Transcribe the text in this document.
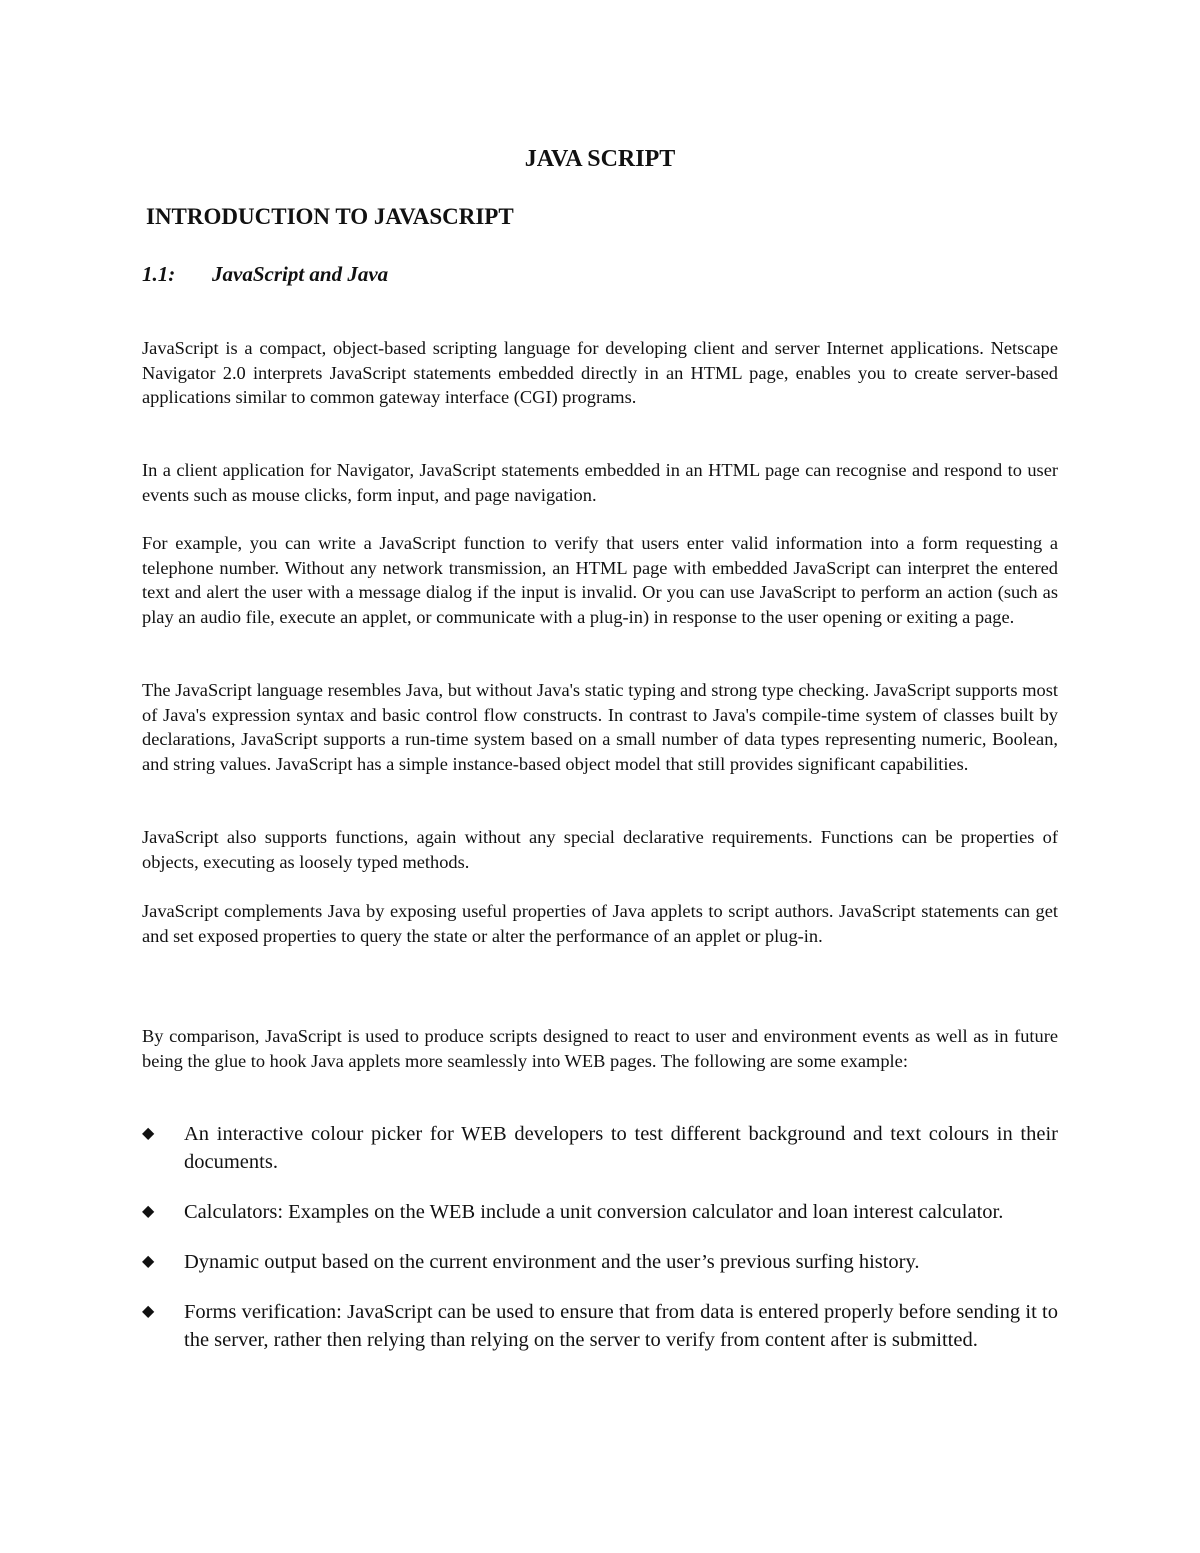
JAVA SCRIPT
INTRODUCTION TO JAVASCRIPT
1.1: JavaScript and Java

JavaScript is a compact, object-based scripting language for developing client and server Internet applications. Netscape Navigator 2.0 interprets JavaScript statements embedded directly in an HTML page, enables you to create server-based applications similar to common gateway interface (CGI) programs.

In a client application for Navigator, JavaScript statements embedded in an HTML page can recognise and respond to user events such as mouse clicks, form input, and page navigation.

For example, you can write a JavaScript function to verify that users enter valid information into a form requesting a telephone number. Without any network transmission, an HTML page with embedded JavaScript can interpret the entered text and alert the user with a message dialog if the input is invalid. Or you can use JavaScript to perform an action (such as play an audio file, execute an applet, or communicate with a plug-in) in response to the user opening or exiting a page.

The JavaScript language resembles Java, but without Java's static typing and strong type checking. JavaScript supports most of Java's expression syntax and basic control flow constructs. In contrast to Java's compile-time system of classes built by declarations, JavaScript supports a run-time system based on a small number of data types representing numeric, Boolean, and string values. JavaScript has a simple instance-based object model that still provides significant capabilities.

JavaScript also supports functions, again without any special declarative requirements. Functions can be properties of objects, executing as loosely typed methods.

JavaScript complements Java by exposing useful properties of Java applets to script authors. JavaScript statements can get and set exposed properties to query the state or alter the performance of an applet or plug-in.

By comparison, JavaScript is used to produce scripts designed to react to user and environment events as well as in future being the glue to hook Java applets more seamlessly into WEB pages. The following are some example:

◆ An interactive colour picker for WEB developers to test different background and text colours in their documents.
◆ Calculators: Examples on the WEB include a unit conversion calculator and loan interest calculator.
◆ Dynamic output based on the current environment and the user’s previous surfing history.
◆ Forms verification: JavaScript can be used to ensure that from data is entered properly before sending it to the server, rather then relying than relying on the server to verify from content after is submitted.
